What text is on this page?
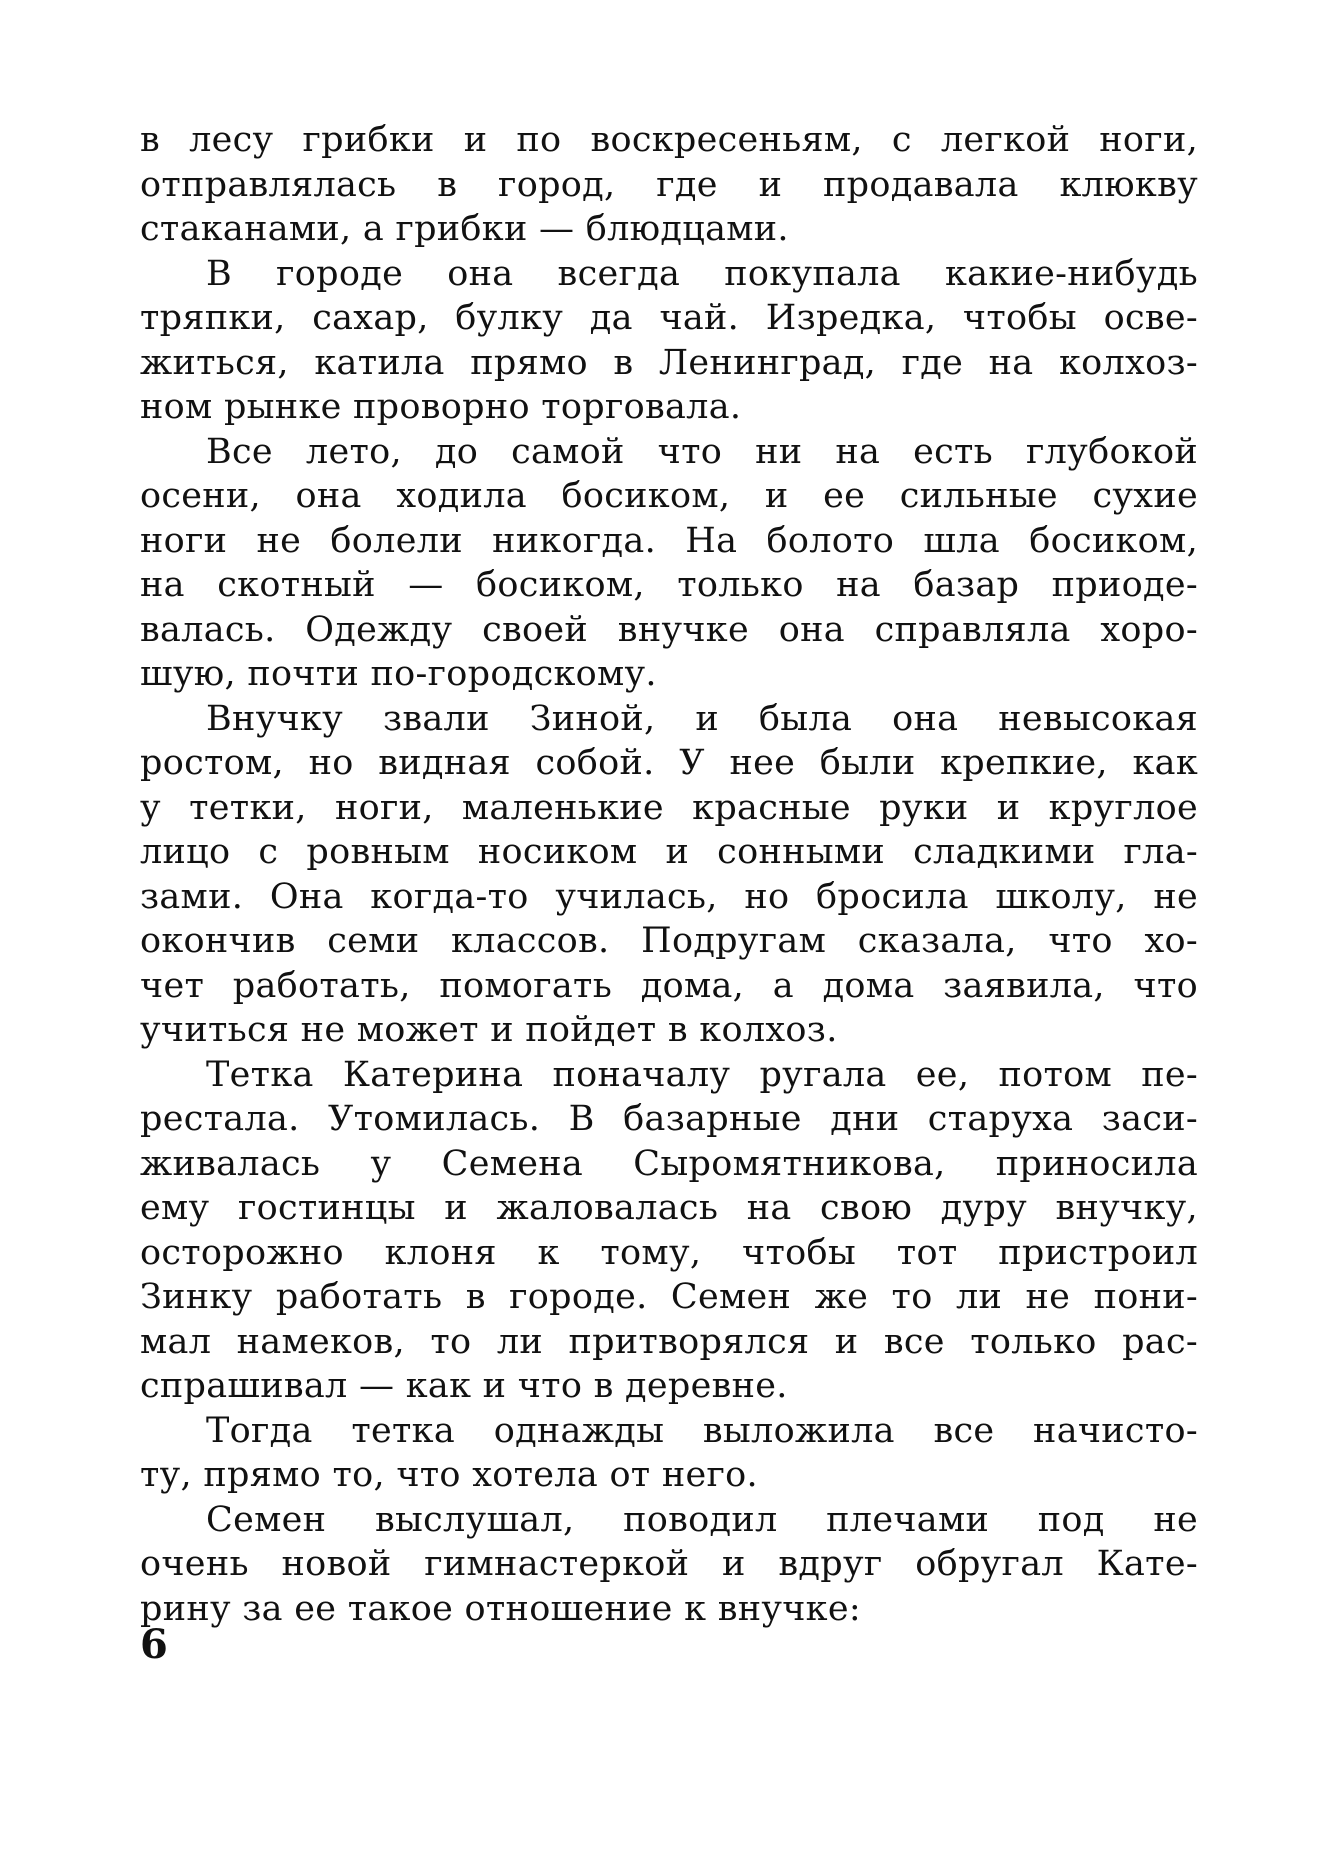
в лесу грибки и по воскресеньям, с легкой ноги,
отправлялась в город, где и продавала клюкву
стаканами, а грибки — блюдцами.
В городе она всегда покупала какие-нибудь
тряпки, сахар, булку да чай. Изредка, чтобы осве-
житься, катила прямо в Ленинград, где на колхоз-
ном рынке проворно торговала.
Все лето, до самой что ни на есть глубокой
осени, она ходила босиком, и ее сильные сухие
ноги не болели никогда. На болото шла босиком,
на скотный — босиком, только на базар приоде-
валась. Одежду своей внучке она справляла хоро-
шую, почти по-городскому.
Внучку звали Зиной, и была она невысокая
ростом, но видная собой. У нее были крепкие, как
у тетки, ноги, маленькие красные руки и круглое
лицо с ровным носиком и сонными сладкими гла-
зами. Она когда-то училась, но бросила школу, не
окончив семи классов. Подругам сказала, что хо-
чет работать, помогать дома, а дома заявила, что
учиться не может и пойдет в колхоз.
Тетка Катерина поначалу ругала ее, потом пе-
рестала. Утомилась. В базарные дни старуха заси-
живалась у Семена Сыромятникова, приносила
ему гостинцы и жаловалась на свою дуру внучку,
осторожно клоня к тому, чтобы тот пристроил
Зинку работать в городе. Семен же то ли не пони-
мал намеков, то ли притворялся и все только рас-
спрашивал — как и что в деревне.
Тогда тетка однажды выложила все начисто-
ту, прямо то, что хотела от него.
Семен выслушал, поводил плечами под не
очень новой гимнастеркой и вдруг обругал Кате-
рину за ее такое отношение к внучке:
6
